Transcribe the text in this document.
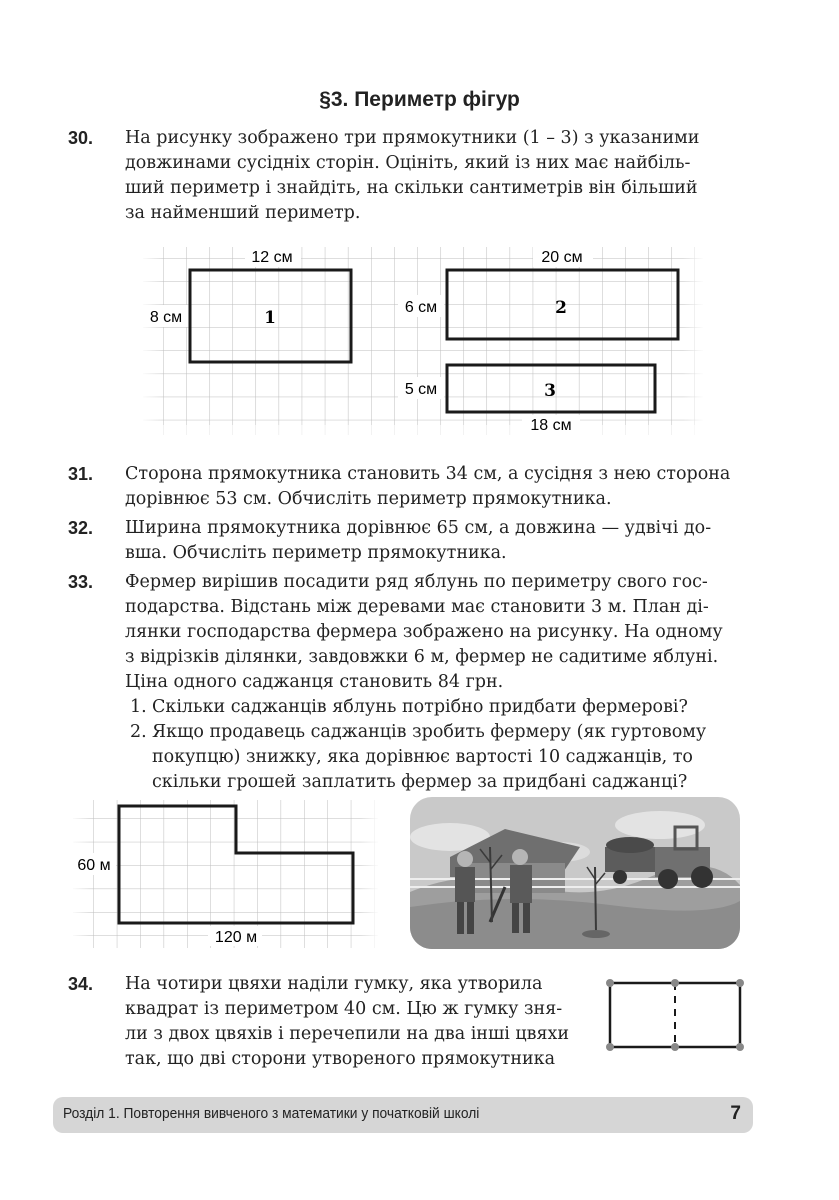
§3. Периметр фігур
30. На рисунку зображено три прямокутники (1 – 3) з указаними
довжинами сусідніх сторін. Оцініть, який із них має найбіль-
ший периметр і знайдіть, на скільки сантиметрів він більший
за найменший периметр.
12 см
8 см	1
20 см
6 см	2
5 см	3
18 см
31. Сторона прямокутника становить 34 см, а сусідня з нею сторона
дорівнює 53 см. Обчисліть периметр прямокутника.
32. Ширина прямокутника дорівнює 65 см, а довжина — удвічі до-
вша. Обчисліть периметр прямокутника.
33. Фермер вирішив посадити ряд яблунь по периметру свого гос-
подарства. Відстань між деревами має становити 3 м. План ді-
лянки господарства фермера зображено на рисунку. На одному
з відрізків ділянки, завдовжки 6 м, фермер не садитиме яблуні.
Ціна одного саджанця становить 84 грн.
1. Скільки саджанців яблунь потрібно придбати фермерові?
2. Якщо продавець саджанців зробить фермеру (як гуртовому
покупцю) знижку, яка дорівнює вартості 10 саджанців, то
скільки грошей заплатить фермер за придбані саджанці?
60 м
120 м
34. На чотири цвяхи наділи гумку, яка утворила
квадрат із периметром 40 см. Цю ж гумку зня-
ли з двох цвяхів і перечепили на два інші цвяхи
так, що дві сторони утвореного прямокутника
Розділ 1. Повторення вивченого з математики у початковій школі	7
